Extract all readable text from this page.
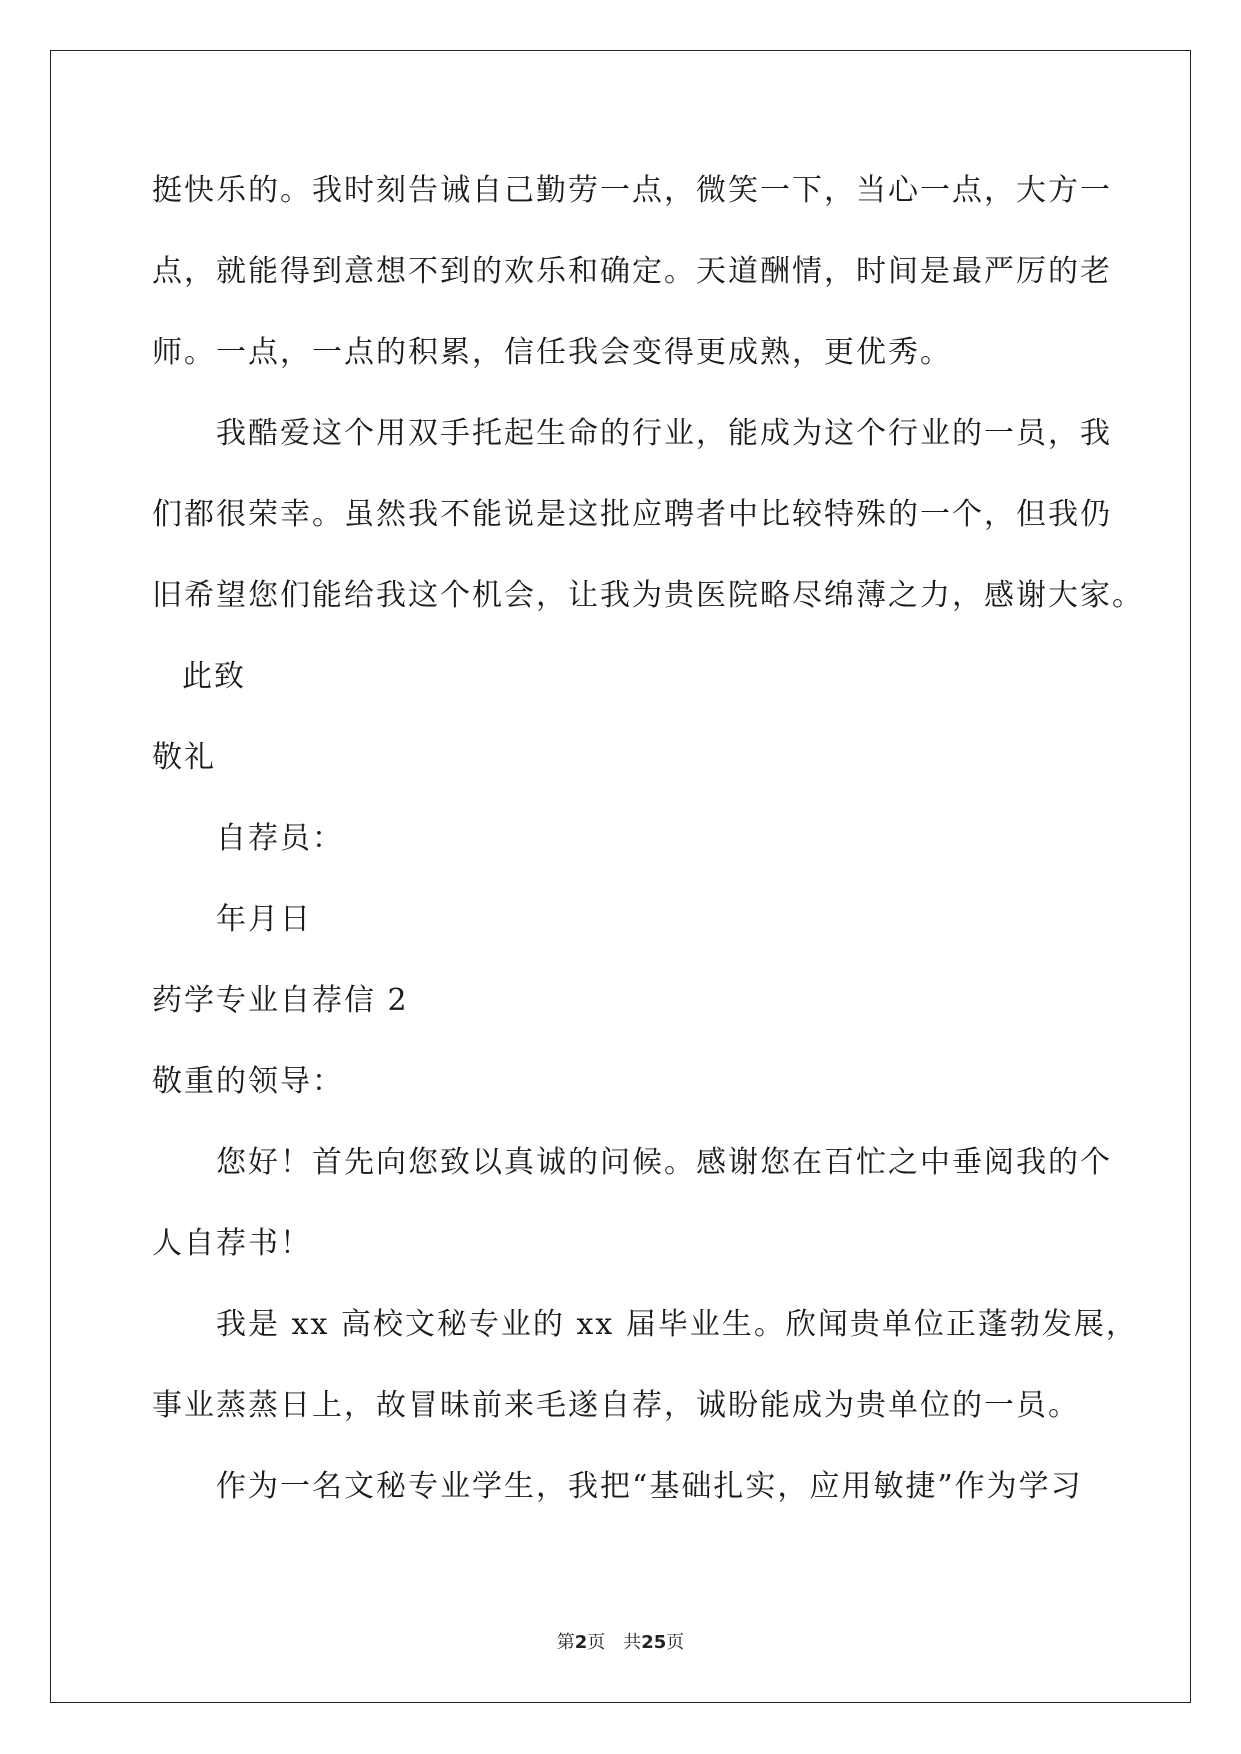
挺快乐的。我时刻告诫自己勤劳一点，微笑一下，当心一点，大方一
点，就能得到意想不到的欢乐和确定。天道酬情，时间是最严厉的老
师。一点，一点的积累，信任我会变得更成熟，更优秀。
我酷爱这个用双手托起生命的行业，能成为这个行业的一员，我
们都很荣幸。虽然我不能说是这批应聘者中比较特殊的一个，但我仍
旧希望您们能给我这个机会，让我为贵医院略尽绵薄之力，感谢大家。
此致
敬礼
自荐员：
年月日
药学专业自荐信 2
敬重的领导：
您好！首先向您致以真诚的问候。感谢您在百忙之中垂阅我的个
人自荐书！
我是 xx 高校文秘专业的 xx 届毕业生。欣闻贵单位正蓬勃发展，
事业蒸蒸日上，故冒昧前来毛遂自荐，诚盼能成为贵单位的一员。
作为一名文秘专业学生，我把“基础扎实，应用敏捷”作为学习
第2页 共25页
